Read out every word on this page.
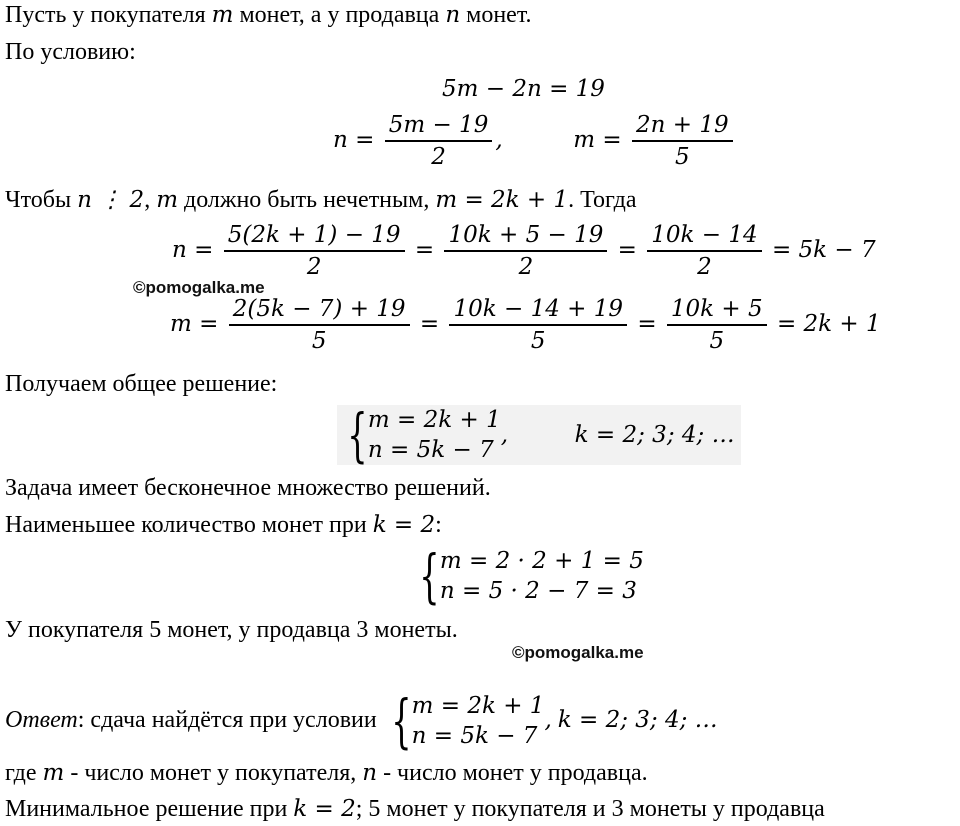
Пусть у покупателя m монет, а у продавца n монет.
По условию:
5m − 2n = 19
$n = \frac{5m - 19}{2}$ ,	$m = \frac{2n + 19}{5}$
Чтобы n ⋮ 2, m должно быть нечетным, m = 2k + 1. Тогда
$n = \frac{5(2k + 1) - 19}{2} = \frac{10k + 5 - 19}{2} = \frac{10k - 14}{2} = 5k - 7$
©pomogalka.me
$m = \frac{2(5k - 7) + 19}{5} = \frac{10k - 14 + 19}{5} = \frac{10k + 5}{5} = 2k + 1$
Получаем общее решение:
{ m = 2k + 1
n = 5k − 7
,	k = 2; 3; 4; …
Задача имеет бесконечное множество решений.
Наименьшее количество монет при k = 2:
{ m = 2 · 2 + 1 = 5
n = 5 · 2 − 7 = 3
У покупателя 5 монет, у продавца 3 монеты.
©pomogalka.me
Ответ: сдача найдётся при условии { m = 2k + 1
n = 5k − 7
, k = 2; 3; 4; …
где m - число монет у покупателя, n - число монет у продавца.
Минимальное решение при k = 2; 5 монет у покупателя и 3 монеты у продавца
